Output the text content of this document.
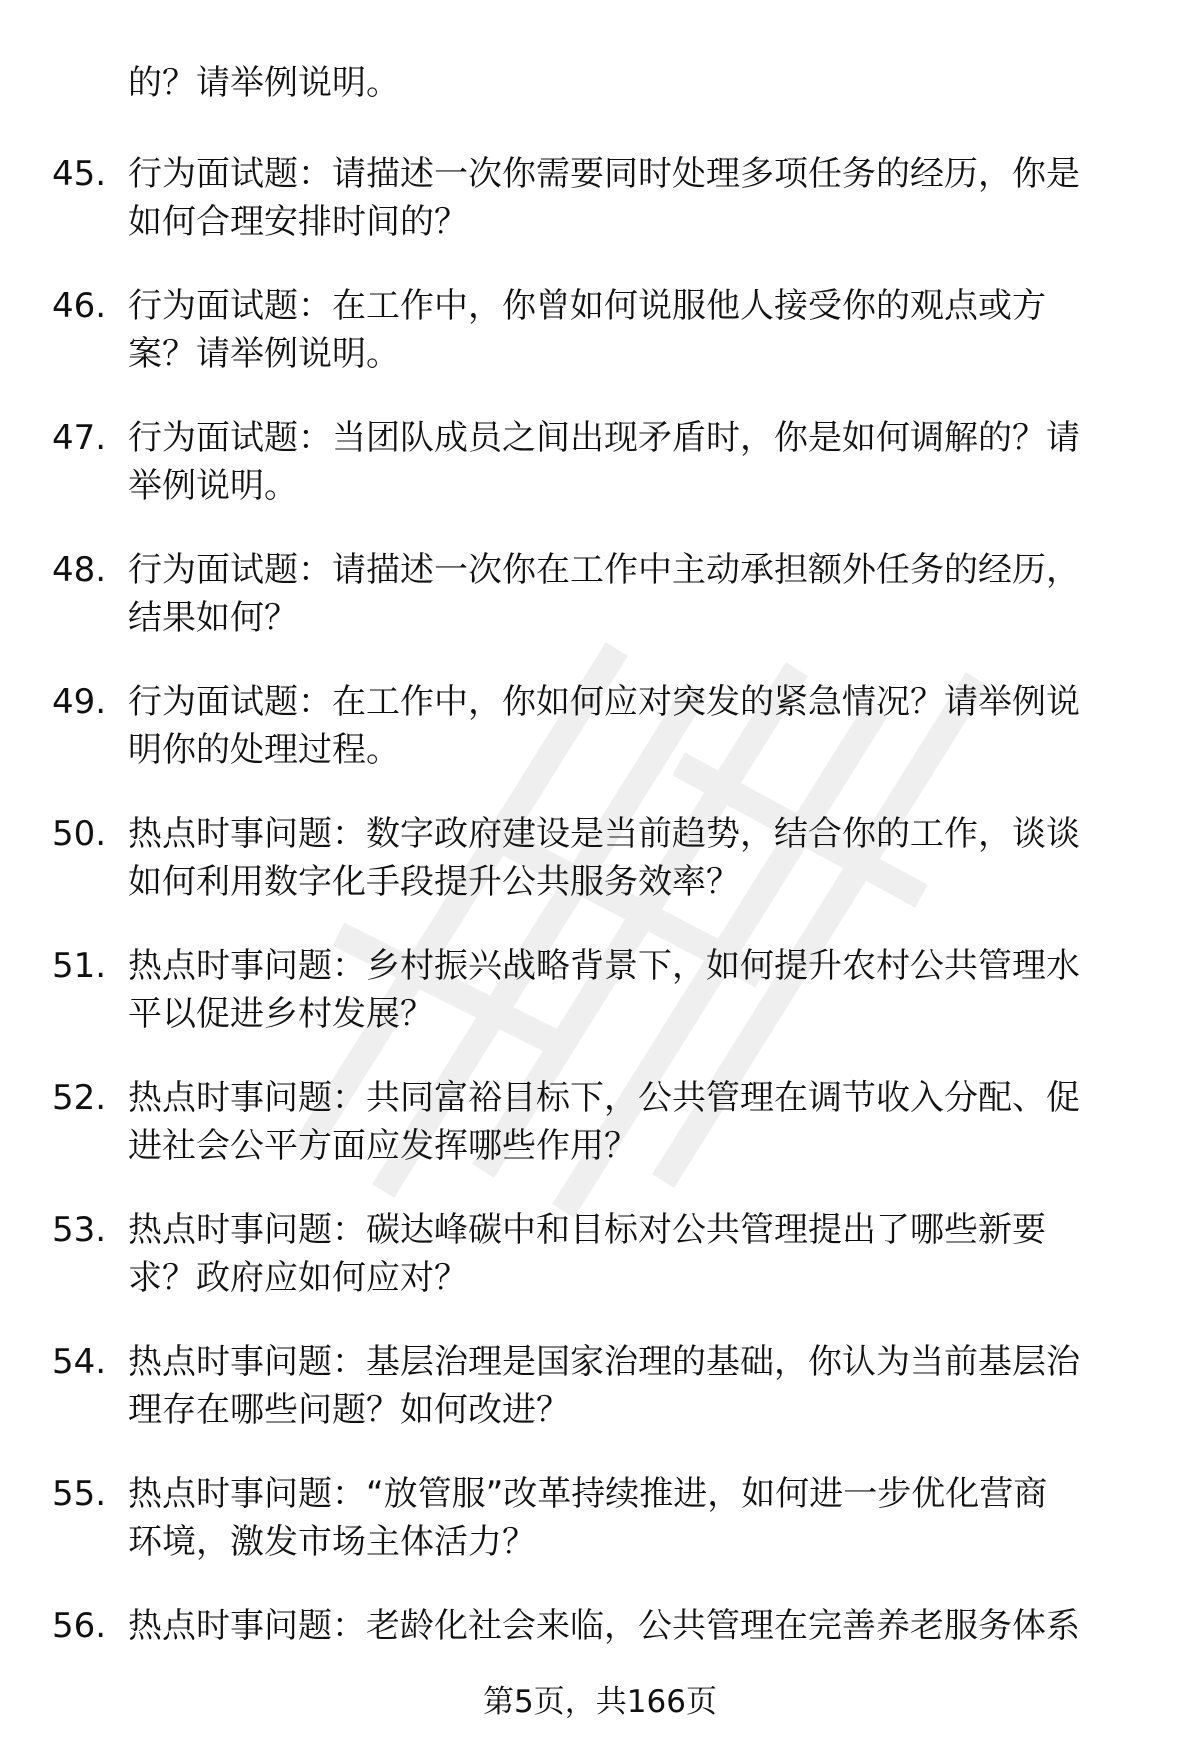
的？请举例说明。
45. 行为面试题：请描述一次你需要同时处理多项任务的经历，你是
如何合理安排时间的？
46. 行为面试题：在工作中，你曾如何说服他人接受你的观点或方
案？请举例说明。
47. 行为面试题：当团队成员之间出现矛盾时，你是如何调解的？请
举例说明。
48. 行为面试题：请描述一次你在工作中主动承担额外任务的经历，
结果如何？
49. 行为面试题：在工作中，你如何应对突发的紧急情况？请举例说
明你的处理过程。
50. 热点时事问题：数字政府建设是当前趋势，结合你的工作，谈谈
如何利用数字化手段提升公共服务效率？
51. 热点时事问题：乡村振兴战略背景下，如何提升农村公共管理水
平以促进乡村发展？
52. 热点时事问题：共同富裕目标下，公共管理在调节收入分配、促
进社会公平方面应发挥哪些作用？
53. 热点时事问题：碳达峰碳中和目标对公共管理提出了哪些新要
求？政府应如何应对？
54. 热点时事问题：基层治理是国家治理的基础，你认为当前基层治
理存在哪些问题？如何改进？
55. 热点时事问题：“放管服”改革持续推进，如何进一步优化营商
环境，激发市场主体活力？
56. 热点时事问题：老龄化社会来临，公共管理在完善养老服务体系
第5页，共166页
